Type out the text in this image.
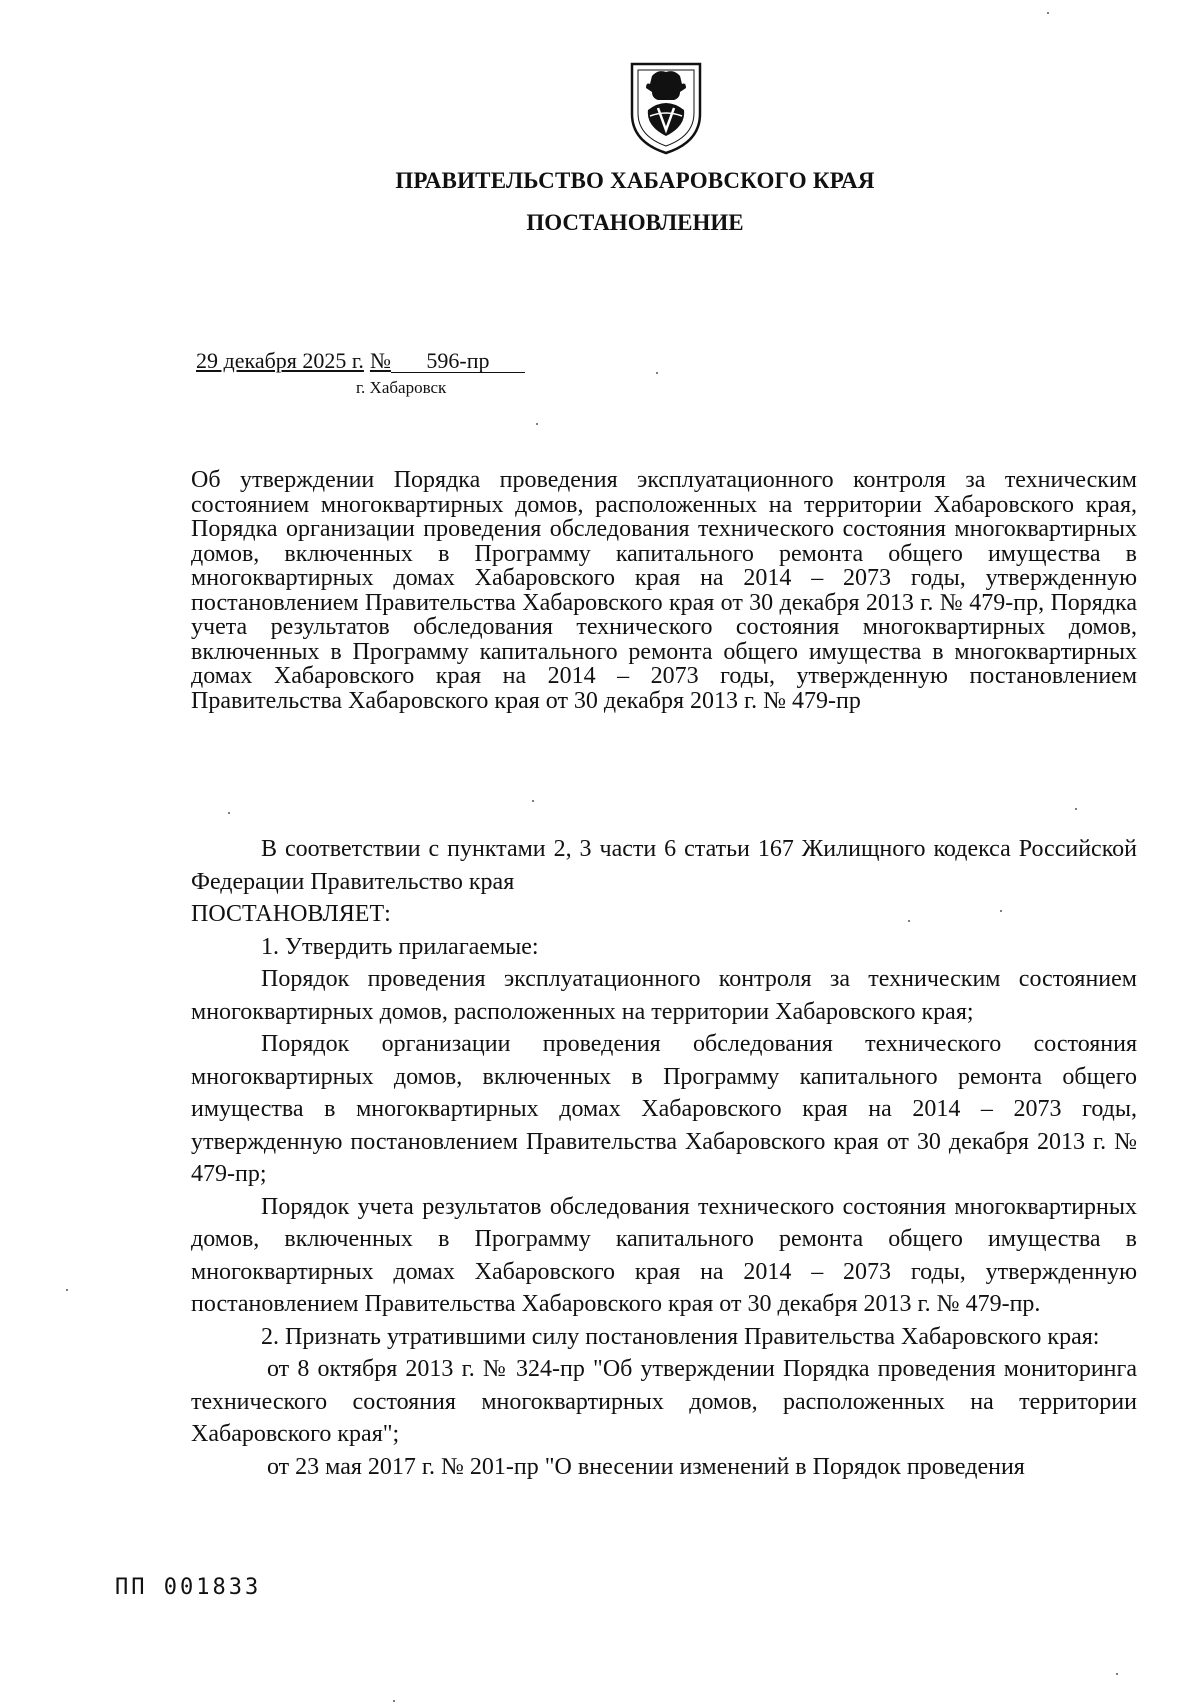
ПРАВИТЕЛЬСТВО ХАБАРОВСКОГО КРАЯ
ПОСТАНОВЛЕНИЕ
29 декабря 2025 г. № 596-пр
г. Хабаровск
Об утверждении Порядка проведения эксплуатационного контроля за техническим состоянием многоквартирных домов, расположенных на территории Хабаровского края, Порядка организации проведения обследования технического состояния многоквартирных домов, включенных в Программу капитального ремонта общего имущества в многоквартирных домах Хабаровского края на 2014 – 2073 годы, утвержденную постановлением Правительства Хабаровского края от 30 декабря 2013 г. № 479-пр, Порядка учета результатов обследования технического состояния многоквартирных домов, включенных в Программу капитального ремонта общего имущества в многоквартирных домах Хабаровского края на 2014 – 2073 годы, утвержденную постановлением Правительства Хабаровского края от 30 декабря 2013 г. № 479-пр

В соответствии с пунктами 2, 3 части 6 статьи 167 Жилищного кодекса Российской Федерации Правительство края

ПОСТАНОВЛЯЕТ:

1. Утвердить прилагаемые:

Порядок проведения эксплуатационного контроля за техническим состоянием многоквартирных домов, расположенных на территории Хабаровского края;

Порядок организации проведения обследования технического состояния многоквартирных домов, включенных в Программу капитального ремонта общего имущества в многоквартирных домах Хабаровского края на 2014 – 2073 годы, утвержденную постановлением Правительства Хабаровского края от 30 декабря 2013 г. № 479-пр;

Порядок учета результатов обследования технического состояния многоквартирных домов, включенных в Программу капитального ремонта общего имущества в многоквартирных домах Хабаровского края на 2014 – 2073 годы, утвержденную постановлением Правительства Хабаровского края от 30 декабря 2013 г. № 479-пр.

2. Признать утратившими силу постановления Правительства Хабаровского края:

от 8 октября 2013 г. № 324-пр "Об утверждении Порядка проведения мониторинга технического состояния многоквартирных домов, расположенных на территории Хабаровского края";

от 23 мая 2017 г. № 201-пр "О внесении изменений в Порядок проведения

ПП 001833
